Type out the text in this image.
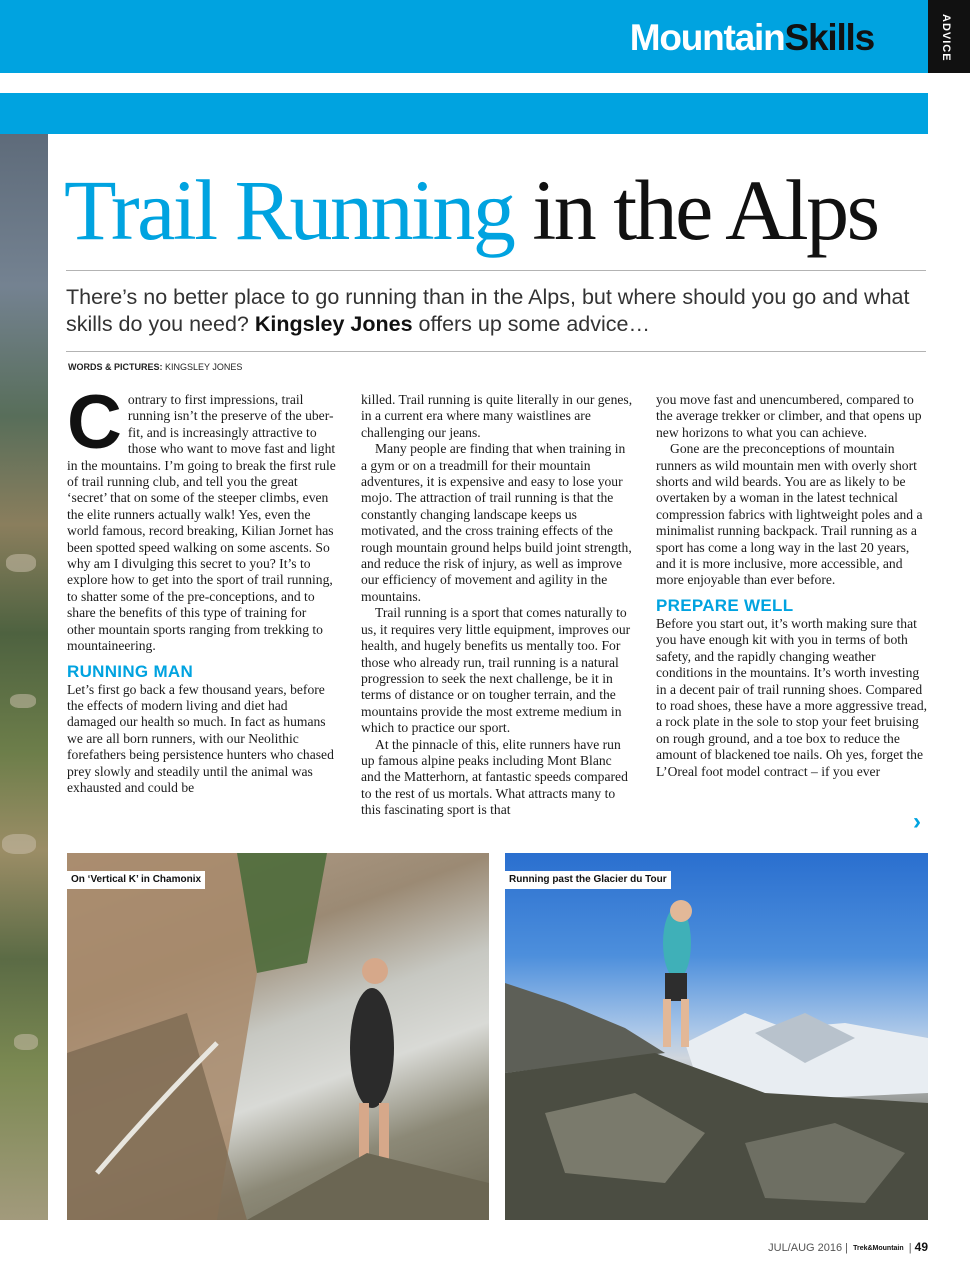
MountainSkills	ADVICE
Trail Running in the Alps
There’s no better place to go running than in the Alps, but where should you go and what skills do you need? Kingsley Jones offers up some advice…
WORDS & PICTURES: KINGSLEY JONES

Contrary to first impressions, trail running isn’t the preserve of the uber-fit, and is increasingly attractive to those who want to move fast and light in the mountains. I’m going to break the first rule of trail running club, and tell you the great ‘secret’ that on some of the steeper climbs, even the elite runners actually walk! Yes, even the world famous, record breaking, Kilian Jornet has been spotted speed walking on some ascents. So why am I divulging this secret to you? It’s to explore how to get into the sport of trail running, to shatter some of the pre-conceptions, and to share the benefits of this type of training for other mountain sports ranging from trekking to mountaineering.

RUNNING MAN

Let’s first go back a few thousand years, before the effects of modern living and diet had damaged our health so much. In fact as humans we are all born runners, with our Neolithic forefathers being persistence hunters who chased prey slowly and steadily until the animal was exhausted and could be

killed. Trail running is quite literally in our genes, in a current era where many waistlines are challenging our jeans.

Many people are finding that when training in a gym or on a treadmill for their mountain adventures, it is expensive and easy to lose your mojo. The attraction of trail running is that the constantly changing landscape keeps us motivated, and the cross training effects of the rough mountain ground helps build joint strength, and reduce the risk of injury, as well as improve our efficiency of movement and agility in the mountains.

Trail running is a sport that comes naturally to us, it requires very little equipment, improves our health, and hugely benefits us mentally too. For those who already run, trail running is a natural progression to seek the next challenge, be it in terms of distance or on tougher terrain, and the mountains provide the most extreme medium in which to practice our sport.

At the pinnacle of this, elite runners have run up famous alpine peaks including Mont Blanc and the Matterhorn, at fantastic speeds compared to the rest of us mortals. What attracts many to this fascinating sport is that

you move fast and unencumbered, compared to the average trekker or climber, and that opens up new horizons to what you can achieve.

Gone are the preconceptions of mountain runners as wild mountain men with overly short shorts and wild beards. You are as likely to be overtaken by a woman in the latest technical compression fabrics with lightweight poles and a minimalist running backpack. Trail running as a sport has come a long way in the last 20 years, and it is more inclusive, more accessible, and more enjoyable than ever before.

PREPARE WELL

Before you start out, it’s worth making sure that you have enough kit with you in terms of both safety, and the rapidly changing weather conditions in the mountains. It’s worth investing in a decent pair of trail running shoes. Compared to road shoes, these have a more aggressive tread, a rock plate in the sole to stop your feet bruising on rough ground, and a toe box to reduce the amount of blackened toe nails. Oh yes, forget the L’Oreal foot model contract – if you ever

›
On ‘Vertical K’ in Chamonix	Running past the Glacier du Tour
JUL/AUG 2016 | Trek&Mountain | 49
